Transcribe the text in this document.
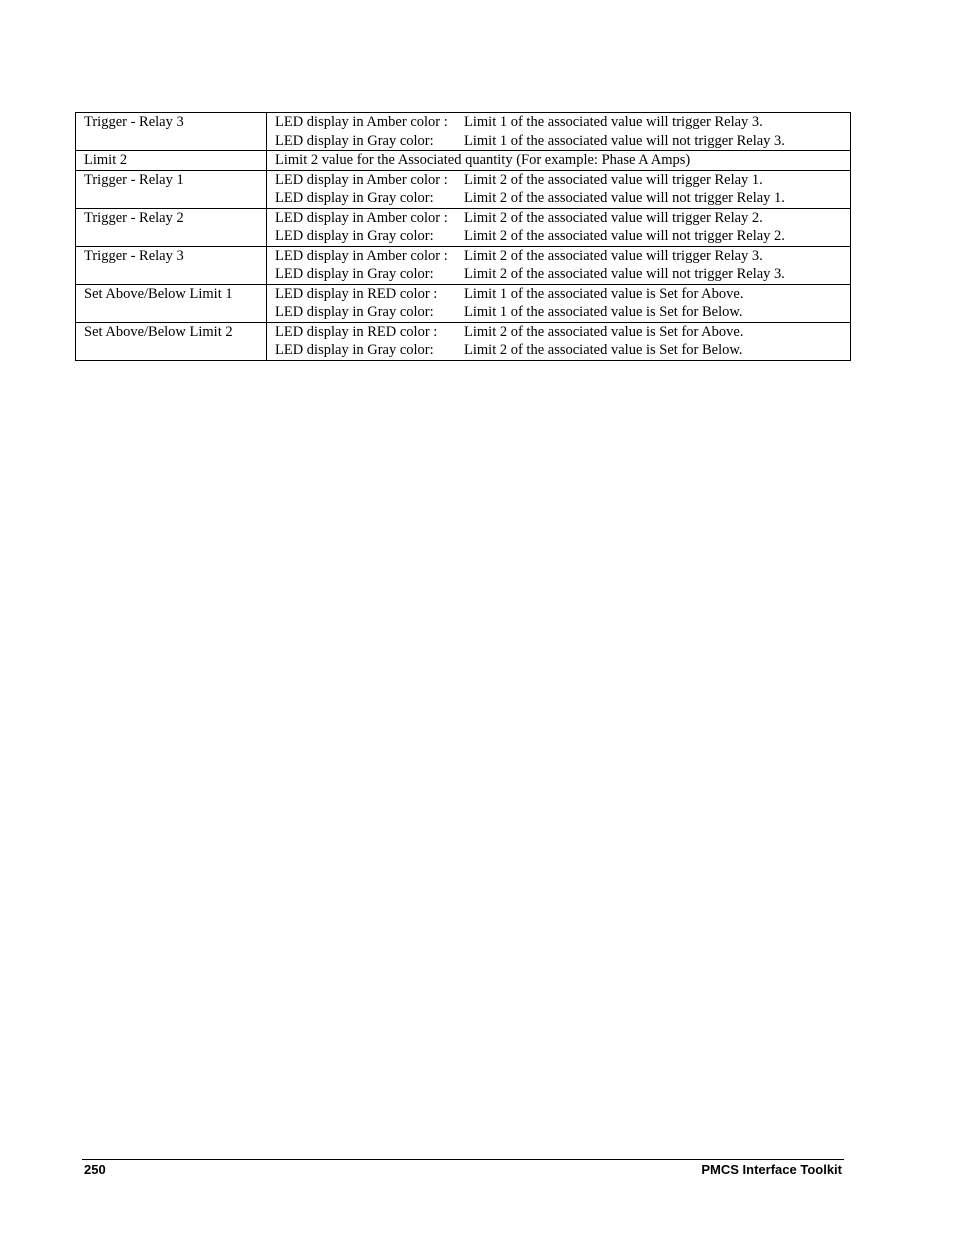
Trigger - Relay 3	LED display in Amber color : Limit 1 of the associated value will trigger Relay 3.
LED display in Gray color: Limit 1 of the associated value will not trigger Relay 3.

Limit 2	Limit 2 value for the Associated quantity (For example: Phase A Amps)

Trigger - Relay 1	LED display in Amber color : Limit 2 of the associated value will trigger Relay 1.
LED display in Gray color: Limit 2 of the associated value will not trigger Relay 1.

Trigger - Relay 2	LED display in Amber color : Limit 2 of the associated value will trigger Relay 2.
LED display in Gray color: Limit 2 of the associated value will not trigger Relay 2.

Trigger - Relay 3	LED display in Amber color : Limit 2 of the associated value will trigger Relay 3.
LED display in Gray color: Limit 2 of the associated value will not trigger Relay 3.

Set Above/Below Limit 1	LED display in RED color : Limit 1 of the associated value is Set for Above.
LED display in Gray color: Limit 1 of the associated value is Set for Below.

Set Above/Below Limit 2	LED display in RED color : Limit 2 of the associated value is Set for Above.
LED display in Gray color: Limit 2 of the associated value is Set for Below.
250	PMCS Interface Toolkit
